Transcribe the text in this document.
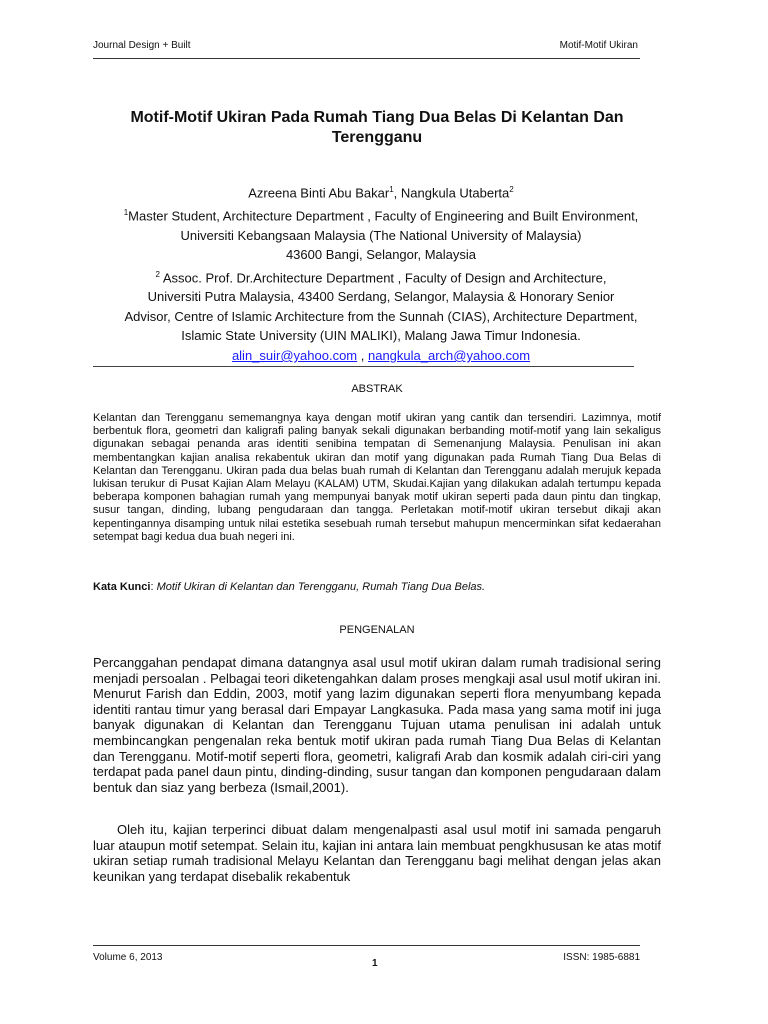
Journal Design + Built	Motif-Motif Ukiran
Motif-Motif Ukiran Pada Rumah Tiang Dua Belas Di Kelantan Dan
Terengganu
Azreena Binti Abu Bakar$^1$, Nangkula Utaberta$^2$
$^1$Master Student, Architecture Department , Faculty of Engineering and Built Environment,
Universiti Kebangsaan Malaysia (The National University of Malaysia)
43600 Bangi, Selangor, Malaysia
$^2$ Assoc. Prof. Dr.Architecture Department , Faculty of Design and Architecture,
Universiti Putra Malaysia, 43400 Serdang, Selangor, Malaysia & Honorary Senior
Advisor, Centre of Islamic Architecture from the Sunnah (CIAS), Architecture Department,
Islamic State University (UIN MALIKI), Malang Jawa Timur Indonesia.
alin_suir@yahoo.com , nangkula_arch@yahoo.com
ABSTRAK
Kelantan dan Terengganu sememangnya kaya dengan motif ukiran yang cantik dan tersendiri. Lazimnya, motif berbentuk flora, geometri dan kaligrafi paling banyak sekali digunakan berbanding motif-motif yang lain sekaligus digunakan sebagai penanda aras identiti senibina tempatan di Semenanjung Malaysia. Penulisan ini akan membentangkan kajian analisa rekabentuk ukiran dan motif yang digunakan pada Rumah Tiang Dua Belas di Kelantan dan Terengganu. Ukiran pada dua belas buah rumah di Kelantan dan Terengganu adalah merujuk kepada lukisan terukur di Pusat Kajian Alam Melayu (KALAM) UTM, Skudai.Kajian yang dilakukan adalah tertumpu kepada beberapa komponen bahagian rumah yang mempunyai banyak motif ukiran seperti pada daun pintu dan tingkap, susur tangan, dinding, lubang pengudaraan dan tangga. Perletakan motif-motif ukiran tersebut dikaji akan kepentingannya disamping untuk nilai estetika sesebuah rumah tersebut mahupun mencerminkan sifat kedaerahan setempat bagi kedua dua buah negeri ini.
Kata Kunci: Motif Ukiran di Kelantan dan Terengganu, Rumah Tiang Dua Belas.
PENGENALAN
Percanggahan pendapat dimana datangnya asal usul motif ukiran dalam rumah tradisional sering menjadi persoalan . Pelbagai teori diketengahkan dalam proses mengkaji asal usul motif ukiran ini. Menurut Farish dan Eddin, 2003, motif yang lazim digunakan seperti flora menyumbang kepada identiti rantau timur yang berasal dari Empayar Langkasuka. Pada masa yang sama motif ini juga banyak digunakan di Kelantan dan Terengganu Tujuan utama penulisan ini adalah untuk membincangkan pengenalan reka bentuk motif ukiran pada rumah Tiang Dua Belas di Kelantan dan Terengganu. Motif-motif seperti flora, geometri, kaligrafi Arab dan kosmik adalah ciri-ciri yang terdapat pada panel daun pintu, dinding-dinding, susur tangan dan komponen pengudaraan dalam bentuk dan siaz yang berbeza (Ismail,2001).
Oleh itu, kajian terperinci dibuat dalam mengenalpasti asal usul motif ini samada pengaruh luar ataupun motif setempat. Selain itu, kajian ini antara lain membuat pengkhususan ke atas motif ukiran setiap rumah tradisional Melayu Kelantan dan Terengganu bagi melihat dengan jelas akan keunikan yang terdapat disebalik rekabentuk
Volume 6, 2013	ISSN: 1985-6881
1
